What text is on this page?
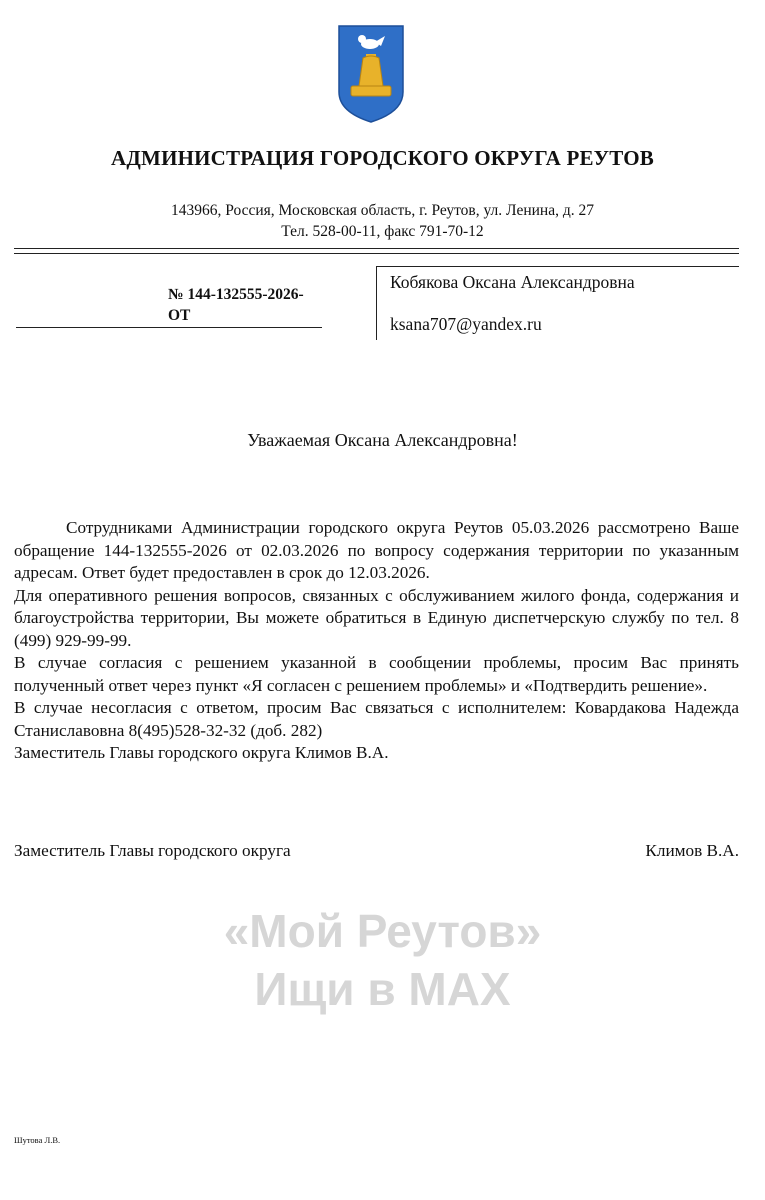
АДМИНИСТРАЦИЯ ГОРОДСКОГО ОКРУГА РЕУТОВ
143966, Россия, Московская область, г. Реутов, ул. Ленина, д. 27
Тел. 528-00-11, факс 791-70-12
№ 144-132555-2026-
ОТ
Кобякова Оксана Александровна
ksana707@yandex.ru
Уважаемая Оксана Александровна!

Сотрудниками Администрации городского округа Реутов 05.03.2026 рассмотрено Ваше обращение 144-132555-2026 от 02.03.2026 по вопросу содержания территории по указанным адресам. Ответ будет предоставлен в срок до 12.03.2026.

Для оперативного решения вопросов, связанных с обслуживанием жилого фонда, содержания и благоустройства территории, Вы можете обратиться в Единую диспетчерскую службу по тел. 8 (499) 929-99-99.

В случае согласия с решением указанной в сообщении проблемы, просим Вас принять полученный ответ через пункт «Я согласен с решением проблемы» и «Подтвердить решение».

В случае несогласия с ответом, просим Вас связаться с исполнителем: Ковардакова Надежда Станиславовна 8(495)528-32-32 (доб. 282)

Заместитель Главы городского округа Климов В.А.

Заместитель Главы городского округа	Климов В.А.
«Мой Реутов»
Ищи в MAX
Шутова Л.В.
